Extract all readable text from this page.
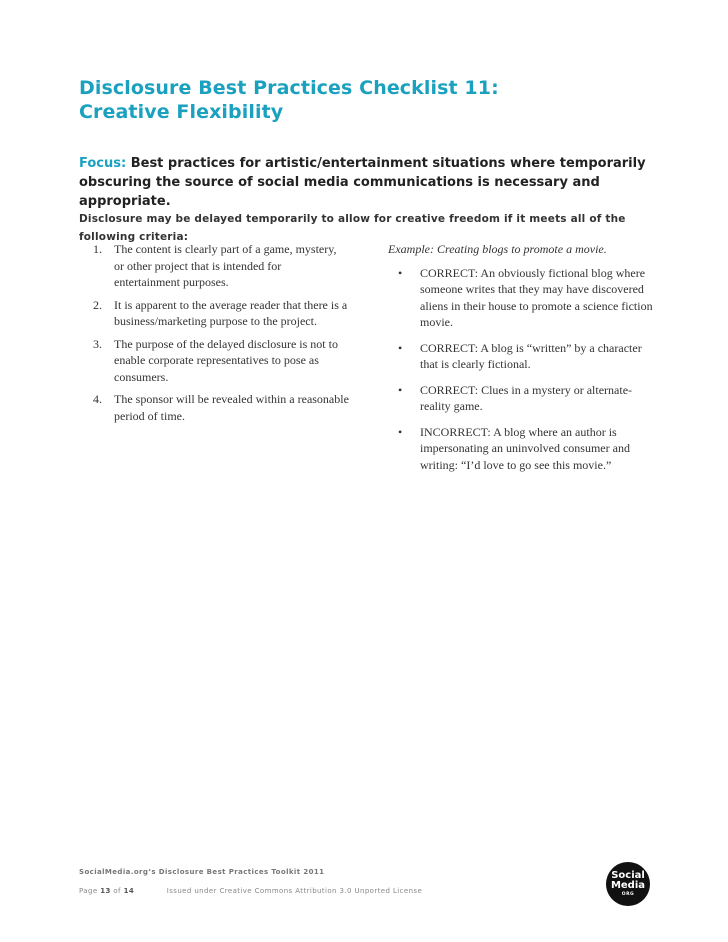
Disclosure Best Practices Checklist 11:
Creative Flexibility
Focus: Best practices for artistic/entertainment situations where temporarily obscuring the source of social media communications is necessary and appropriate.
Disclosure may be delayed temporarily to allow for creative freedom if it meets all of the following criteria:
1.	The content is clearly part of a game, mystery, or other project that is intended for entertainment purposes.
2.	It is apparent to the average reader that there is a business/marketing purpose to the project.
3.	The purpose of the delayed disclosure is not to enable corporate representatives to pose as consumers.
4.	The sponsor will be revealed within a reasonable period of time.
Example: Creating blogs to promote a movie.
•	CORRECT: An obviously fictional blog where someone writes that they may have discovered aliens in their house to promote a science fiction movie.
•	CORRECT: A blog is “written” by a character that is clearly fictional.
•	CORRECT: Clues in a mystery or alternate-reality game.
•	INCORRECT: A blog where an author is impersonating an uninvolved consumer and writing: “I’d love to go see this movie.”
SocialMedia.org’s Disclosure Best Practices Toolkit 2011
Page 13 of 14	Issued under Creative Commons Attribution 3.0 Unported License
Social
Media
ORG
